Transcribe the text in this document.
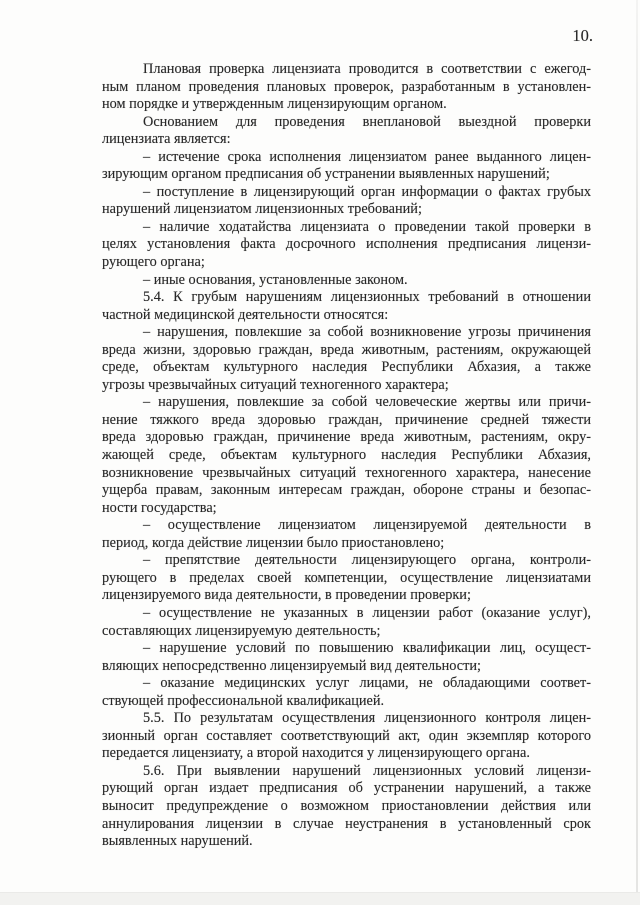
10.
Плановая проверка лицензиата проводится в соответствии с ежегод-
ным планом проведения плановых проверок, разработанным в установлен-
ном порядке и утвержденным лицензирующим органом.
Основанием для проведения внеплановой выездной проверки
лицензиата является:
– истечение срока исполнения лицензиатом ранее выданного лицен-
зирующим органом предписания об устранении выявленных нарушений;
– поступление в лицензирующий орган информации о фактах грубых
нарушений лицензиатом лицензионных требований;
– наличие ходатайства лицензиата о проведении такой проверки в
целях установления факта досрочного исполнения предписания лицензи-
рующего органа;
– иные основания, установленные законом.
5.4. К грубым нарушениям лицензионных требований в отношении
частной медицинской деятельности относятся:
– нарушения, повлекшие за собой возникновение угрозы причинения
вреда жизни, здоровью граждан, вреда животным, растениям, окружающей
среде, объектам культурного наследия Республики Абхазия, а также
угрозы чрезвычайных ситуаций техногенного характера;
– нарушения, повлекшие за собой человеческие жертвы или причи-
нение тяжкого вреда здоровью граждан, причинение средней тяжести
вреда здоровью граждан, причинение вреда животным, растениям, окру-
жающей среде, объектам культурного наследия Республики Абхазия,
возникновение чрезвычайных ситуаций техногенного характера, нанесение
ущерба правам, законным интересам граждан, обороне страны и безопас-
ности государства;
– осуществление лицензиатом лицензируемой деятельности в
период, когда действие лицензии было приостановлено;
– препятствие деятельности лицензирующего органа, контроли-
рующего в пределах своей компетенции, осуществление лицензиатами
лицензируемого вида деятельности, в проведении проверки;
– осуществление не указанных в лицензии работ (оказание услуг),
составляющих лицензируемую деятельность;
– нарушение условий по повышению квалификации лиц, осущест-
вляющих непосредственно лицензируемый вид деятельности;
– оказание медицинских услуг лицами, не обладающими соответ-
ствующей профессиональной квалификацией.
5.5. По результатам осуществления лицензионного контроля лицен-
зионный орган составляет соответствующий акт, один экземпляр которого
передается лицензиату, а второй находится у лицензирующего органа.
5.6. При выявлении нарушений лицензионных условий лицензи-
рующий орган издает предписания об устранении нарушений, а также
выносит предупреждение о возможном приостановлении действия или
аннулирования лицензии в случае неустранения в установленный срок
выявленных нарушений.
